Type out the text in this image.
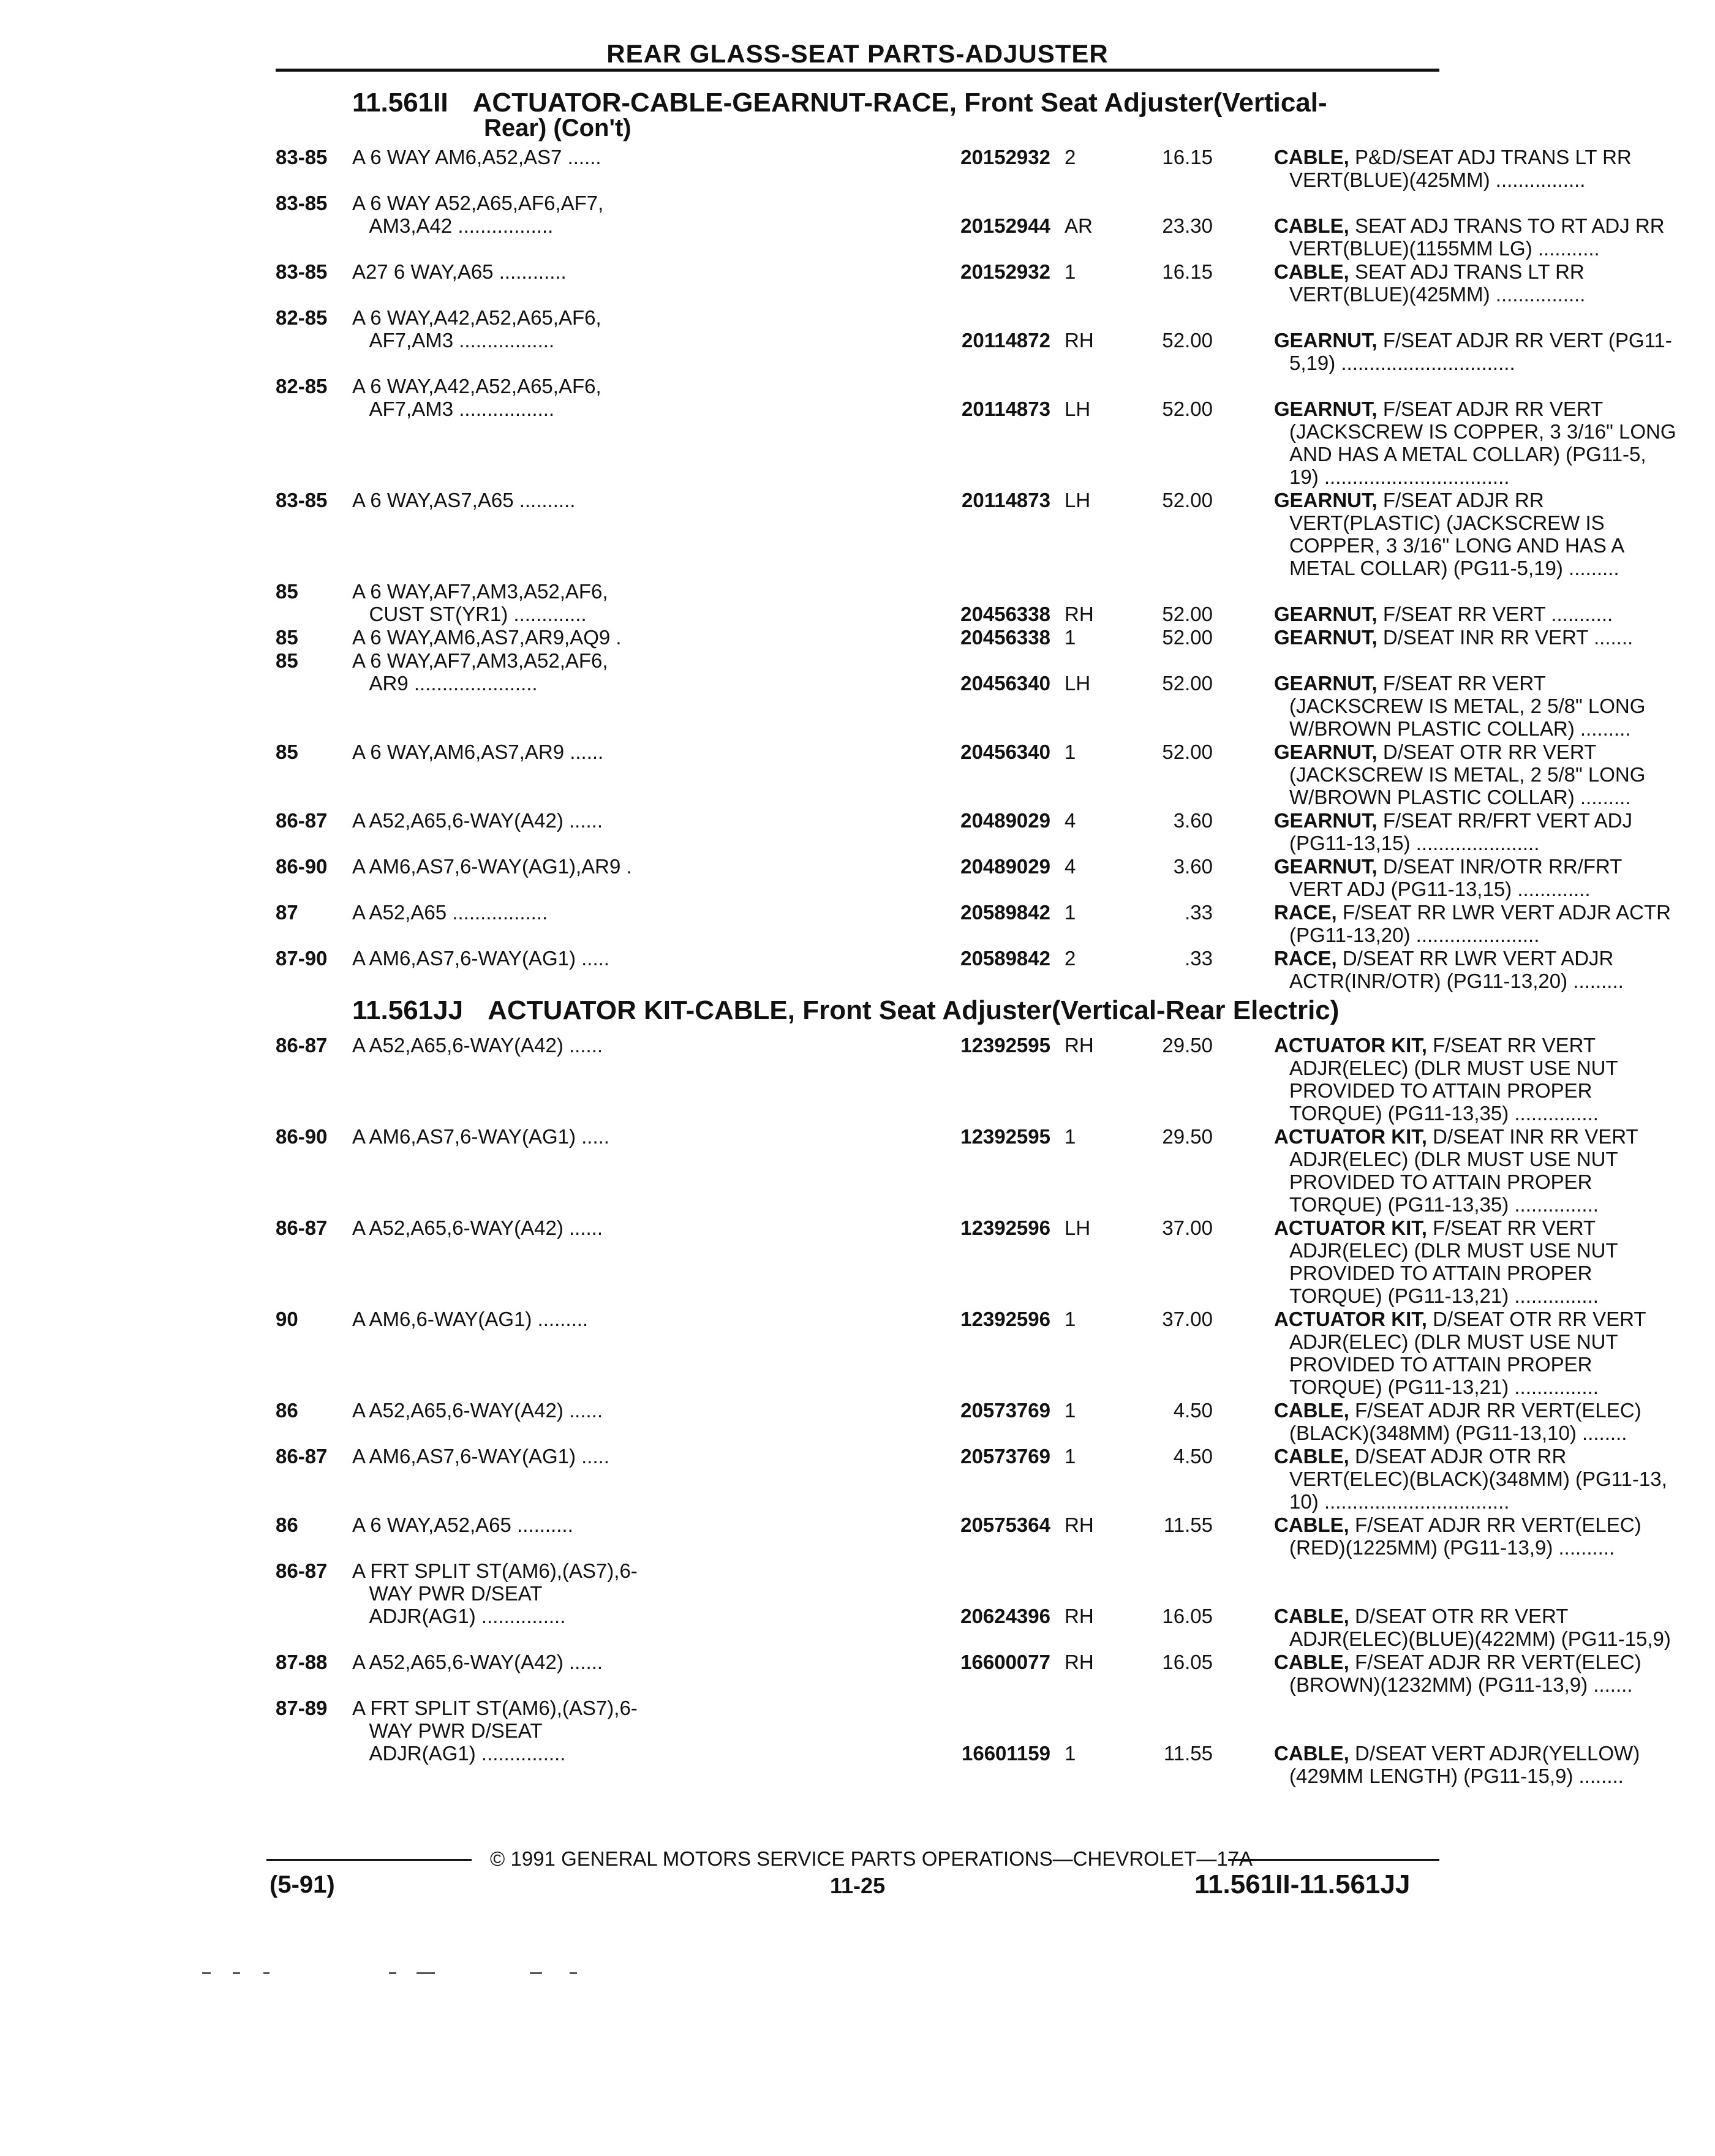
REAR GLASS-SEAT PARTS-ADJUSTER
11.561II ACTUATOR-CABLE-GEARNUT-RACE, Front Seat Adjuster(Vertical-
Rear) (Con't)
83-85 A 6 WAY AM6,A52,AS7 ......	20152932 2	16.15	CABLE, P&D/SEAT ADJ TRANS LT RR
VERT(BLUE)(425MM) ................
83-85 A 6 WAY A52,A65,AF6,AF7,
AM3,A42 .................	20152944 AR	23.30	CABLE, SEAT ADJ TRANS TO RT ADJ RR
VERT(BLUE)(1155MM LG) ...........
83-85 A27 6 WAY,A65 ............	20152932 1	16.15	CABLE, SEAT ADJ TRANS LT RR
VERT(BLUE)(425MM) ................
82-85 A 6 WAY,A42,A52,A65,AF6,
AF7,AM3 .................	20114872 RH	52.00	GEARNUT, F/SEAT ADJR RR VERT (PG11-
5,19) ...............................
82-85 A 6 WAY,A42,A52,A65,AF6,
AF7,AM3 .................	20114873 LH	52.00	GEARNUT, F/SEAT ADJR RR VERT
(JACKSCREW IS COPPER, 3 3/16" LONG
AND HAS A METAL COLLAR) (PG11-5,
19) .................................
83-85 A 6 WAY,AS7,A65 ..........	20114873 LH	52.00	GEARNUT, F/SEAT ADJR RR
VERT(PLASTIC) (JACKSCREW IS
COPPER, 3 3/16" LONG AND HAS A
METAL COLLAR) (PG11-5,19) .........
85	A 6 WAY,AF7,AM3,A52,AF6,
CUST ST(YR1) .............	20456338 RH	52.00	GEARNUT, F/SEAT RR VERT ...........
85	A 6 WAY,AM6,AS7,AR9,AQ9 .	20456338 1	52.00	GEARNUT, D/SEAT INR RR VERT .......
85	A 6 WAY,AF7,AM3,A52,AF6,
AR9 ......................	20456340 LH	52.00	GEARNUT, F/SEAT RR VERT
(JACKSCREW IS METAL, 2 5/8" LONG
W/BROWN PLASTIC COLLAR) .........
85	A 6 WAY,AM6,AS7,AR9 ......	20456340 1	52.00	GEARNUT, D/SEAT OTR RR VERT
(JACKSCREW IS METAL, 2 5/8" LONG
W/BROWN PLASTIC COLLAR) .........
86-87 A A52,A65,6-WAY(A42) ......	20489029 4	3.60	GEARNUT, F/SEAT RR/FRT VERT ADJ
(PG11-13,15) ......................
86-90 A AM6,AS7,6-WAY(AG1),AR9 .	20489029 4	3.60	GEARNUT, D/SEAT INR/OTR RR/FRT
VERT ADJ (PG11-13,15) .............
87	A A52,A65 .................	20589842 1	.33	RACE, F/SEAT RR LWR VERT ADJR ACTR
(PG11-13,20) ......................
87-90 A AM6,AS7,6-WAY(AG1) .....	20589842 2	.33	RACE, D/SEAT RR LWR VERT ADJR
ACTR(INR/OTR) (PG11-13,20) .........
11.561JJ ACTUATOR KIT-CABLE, Front Seat Adjuster(Vertical-Rear Electric)
86-87 A A52,A65,6-WAY(A42) ......	12392595 RH	29.50	ACTUATOR KIT, F/SEAT RR VERT
ADJR(ELEC) (DLR MUST USE NUT
PROVIDED TO ATTAIN PROPER
TORQUE) (PG11-13,35) ...............
86-90 A AM6,AS7,6-WAY(AG1) .....	12392595 1	29.50	ACTUATOR KIT, D/SEAT INR RR VERT
ADJR(ELEC) (DLR MUST USE NUT
PROVIDED TO ATTAIN PROPER
TORQUE) (PG11-13,35) ...............
86-87 A A52,A65,6-WAY(A42) ......	12392596 LH	37.00	ACTUATOR KIT, F/SEAT RR VERT
ADJR(ELEC) (DLR MUST USE NUT
PROVIDED TO ATTAIN PROPER
TORQUE) (PG11-13,21) ...............
90	A AM6,6-WAY(AG1) .........	12392596 1	37.00	ACTUATOR KIT, D/SEAT OTR RR VERT
ADJR(ELEC) (DLR MUST USE NUT
PROVIDED TO ATTAIN PROPER
TORQUE) (PG11-13,21) ...............
86	A A52,A65,6-WAY(A42) ......	20573769 1	4.50	CABLE, F/SEAT ADJR RR VERT(ELEC)
(BLACK)(348MM) (PG11-13,10) ........
86-87 A AM6,AS7,6-WAY(AG1) .....	20573769 1	4.50	CABLE, D/SEAT ADJR OTR RR
VERT(ELEC)(BLACK)(348MM) (PG11-13,
10) .................................
86	A 6 WAY,A52,A65 ..........	20575364 RH	11.55	CABLE, F/SEAT ADJR RR VERT(ELEC)
(RED)(1225MM) (PG11-13,9) ..........
86-87 A FRT SPLIT ST(AM6),(AS7),6-
WAY PWR D/SEAT
ADJR(AG1) ...............	20624396 RH	16.05	CABLE, D/SEAT OTR RR VERT
ADJR(ELEC)(BLUE)(422MM) (PG11-15,9)
87-88 A A52,A65,6-WAY(A42) ......	16600077 RH	16.05	CABLE, F/SEAT ADJR RR VERT(ELEC)
(BROWN)(1232MM) (PG11-13,9) .......
87-89 A FRT SPLIT ST(AM6),(AS7),6-
WAY PWR D/SEAT
ADJR(AG1) ...............	16601159 1	11.55	CABLE, D/SEAT VERT ADJR(YELLOW)
(429MM LENGTH) (PG11-15,9) ........
© 1991 GENERAL MOTORS SERVICE PARTS OPERATIONS—CHEVROLET—17A
(5-91)	11-25	11.561II-11.561JJ
